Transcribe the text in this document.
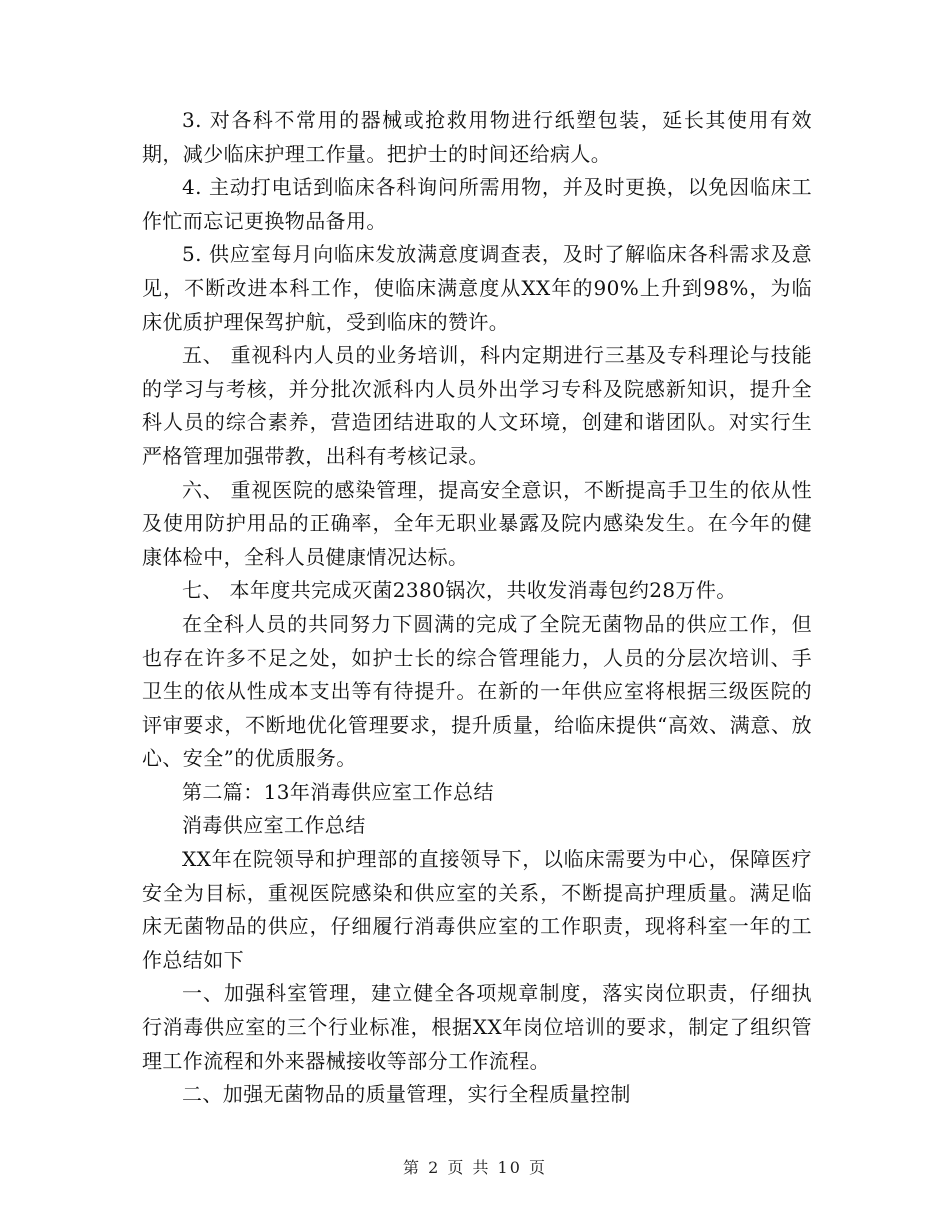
3. 对各科不常用的器械或抢救用物进行纸塑包装，延长其使用有效期，减少临床护理工作量。把护士的时间还给病人。

4. 主动打电话到临床各科询问所需用物，并及时更换，以免因临床工作忙而忘记更换物品备用。

5. 供应室每月向临床发放满意度调查表，及时了解临床各科需求及意见，不断改进本科工作，使临床满意度从XX年的90%上升到98%，为临床优质护理保驾护航，受到临床的赞许。

五、 重视科内人员的业务培训，科内定期进行三基及专科理论与技能的学习与考核，并分批次派科内人员外出学习专科及院感新知识，提升全科人员的综合素养，营造团结进取的人文环境，创建和谐团队。对实行生严格管理加强带教，出科有考核记录。

六、 重视医院的感染管理，提高安全意识，不断提高手卫生的依从性及使用防护用品的正确率，全年无职业暴露及院内感染发生。在今年的健康体检中，全科人员健康情况达标。

七、 本年度共完成灭菌2380锅次，共收发消毒包约28万件。

在全科人员的共同努力下圆满的完成了全院无菌物品的供应工作，但也存在许多不足之处，如护士长的综合管理能力，人员的分层次培训、手卫生的依从性成本支出等有待提升。在新的一年供应室将根据三级医院的评审要求，不断地优化管理要求，提升质量，给临床提供“高效、满意、放心、安全”的优质服务。

第二篇：13年消毒供应室工作总结

消毒供应室工作总结

XX年在院领导和护理部的直接领导下，以临床需要为中心，保障医疗安全为目标，重视医院感染和供应室的关系，不断提高护理质量。满足临床无菌物品的供应，仔细履行消毒供应室的工作职责，现将科室一年的工作总结如下

一、加强科室管理，建立健全各项规章制度，落实岗位职责，仔细执行消毒供应室的三个行业标准，根据XX年岗位培训的要求，制定了组织管理工作流程和外来器械接收等部分工作流程。

二、加强无菌物品的质量管理，实行全程质量控制

第 2 页 共 10 页
